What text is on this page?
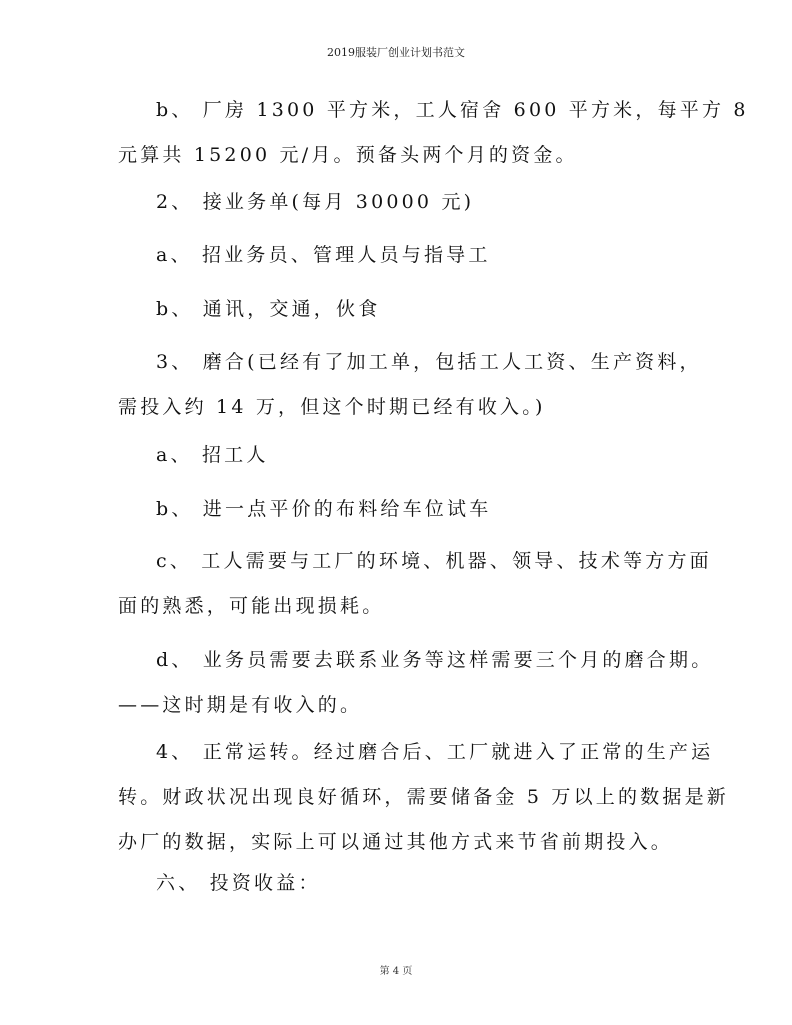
2019服装厂创业计划书范文
b、 厂房 1300 平方米，工人宿舍 600 平方米，每平方 8
元算共 15200 元/月。预备头两个月的资金。
2、 接业务单(每月 30000 元)
a、 招业务员、管理人员与指导工
b、 通讯，交通，伙食
3、 磨合(已经有了加工单，包括工人工资、生产资料，
需投入约 14 万，但这个时期已经有收入。)
a、 招工人
b、 进一点平价的布料给车位试车
c、 工人需要与工厂的环境、机器、领导、技术等方方面
面的熟悉，可能出现损耗。
d、 业务员需要去联系业务等这样需要三个月的磨合期。
——这时期是有收入的。
4、 正常运转。经过磨合后、工厂就进入了正常的生产运
转。财政状况出现良好循环，需要储备金 5 万以上的数据是新
办厂的数据，实际上可以通过其他方式来节省前期投入。
六、 投资收益：
第 4 页
